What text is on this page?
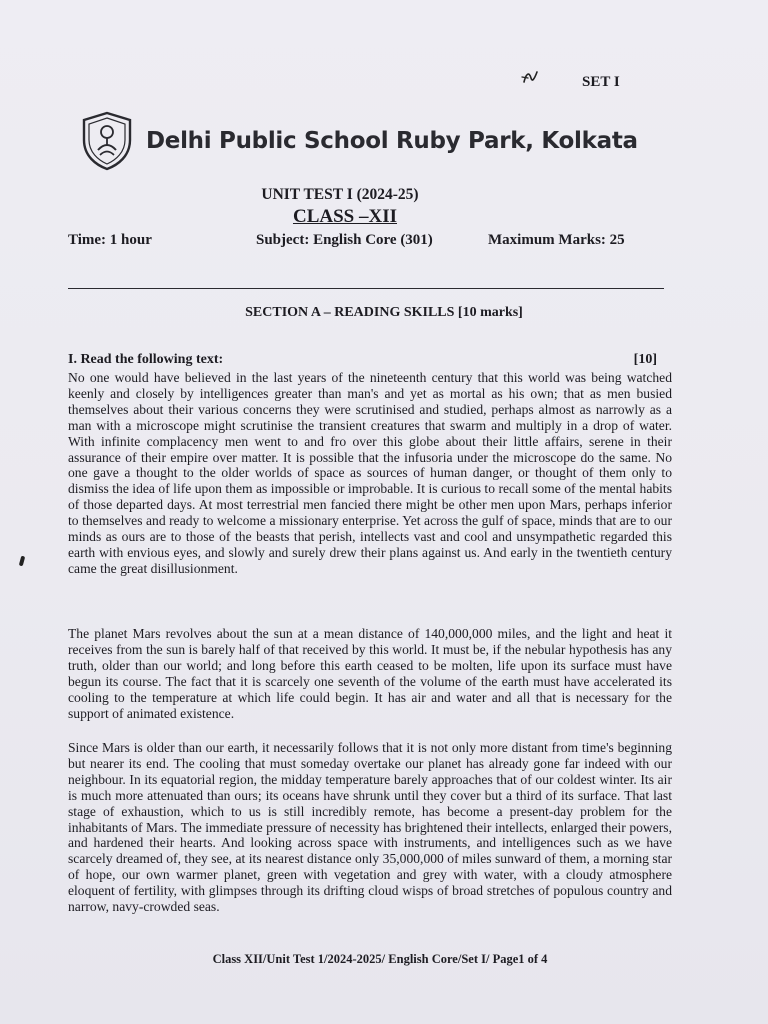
SET I
Delhi Public School Ruby Park, Kolkata
UNIT TEST I (2024-25)
CLASS –XII
Time: 1 hour	Subject: English Core (301)	Maximum Marks: 25
SECTION A – READING SKILLS [10 marks]
I. Read the following text:	[10]

No one would have believed in the last years of the nineteenth century that this world was being watched keenly and closely by intelligences greater than man's and yet as mortal as his own; that as men busied themselves about their various concerns they were scrutinised and studied, perhaps almost as narrowly as a man with a microscope might scrutinise the transient creatures that swarm and multiply in a drop of water. With infinite complacency men went to and fro over this globe about their little affairs, serene in their assurance of their empire over matter. It is possible that the infusoria under the microscope do the same. No one gave a thought to the older worlds of space as sources of human danger, or thought of them only to dismiss the idea of life upon them as impossible or improbable. It is curious to recall some of the mental habits of those departed days. At most terrestrial men fancied there might be other men upon Mars, perhaps inferior to themselves and ready to welcome a missionary enterprise. Yet across the gulf of space, minds that are to our minds as ours are to those of the beasts that perish, intellects vast and cool and unsympathetic regarded this earth with envious eyes, and slowly and surely drew their plans against us. And early in the twentieth century came the great disillusionment.

The planet Mars revolves about the sun at a mean distance of 140,000,000 miles, and the light and heat it receives from the sun is barely half of that received by this world. It must be, if the nebular hypothesis has any truth, older than our world; and long before this earth ceased to be molten, life upon its surface must have begun its course. The fact that it is scarcely one seventh of the volume of the earth must have accelerated its cooling to the temperature at which life could begin. It has air and water and all that is necessary for the support of animated existence.

Since Mars is older than our earth, it necessarily follows that it is not only more distant from time's beginning but nearer its end. The cooling that must someday overtake our planet has already gone far indeed with our neighbour. In its equatorial region, the midday temperature barely approaches that of our coldest winter. Its air is much more attenuated than ours; its oceans have shrunk until they cover but a third of its surface. That last stage of exhaustion, which to us is still incredibly remote, has become a present-day problem for the inhabitants of Mars. The immediate pressure of necessity has brightened their intellects, enlarged their powers, and hardened their hearts. And looking across space with instruments, and intelligences such as we have scarcely dreamed of, they see, at its nearest distance only 35,000,000 of miles sunward of them, a morning star of hope, our own warmer planet, green with vegetation and grey with water, with a cloudy atmosphere eloquent of fertility, with glimpses through its drifting cloud wisps of broad stretches of populous country and narrow, navy-crowded seas.

Class XII/Unit Test 1/2024-2025/ English Core/Set I/ Page1 of 4
